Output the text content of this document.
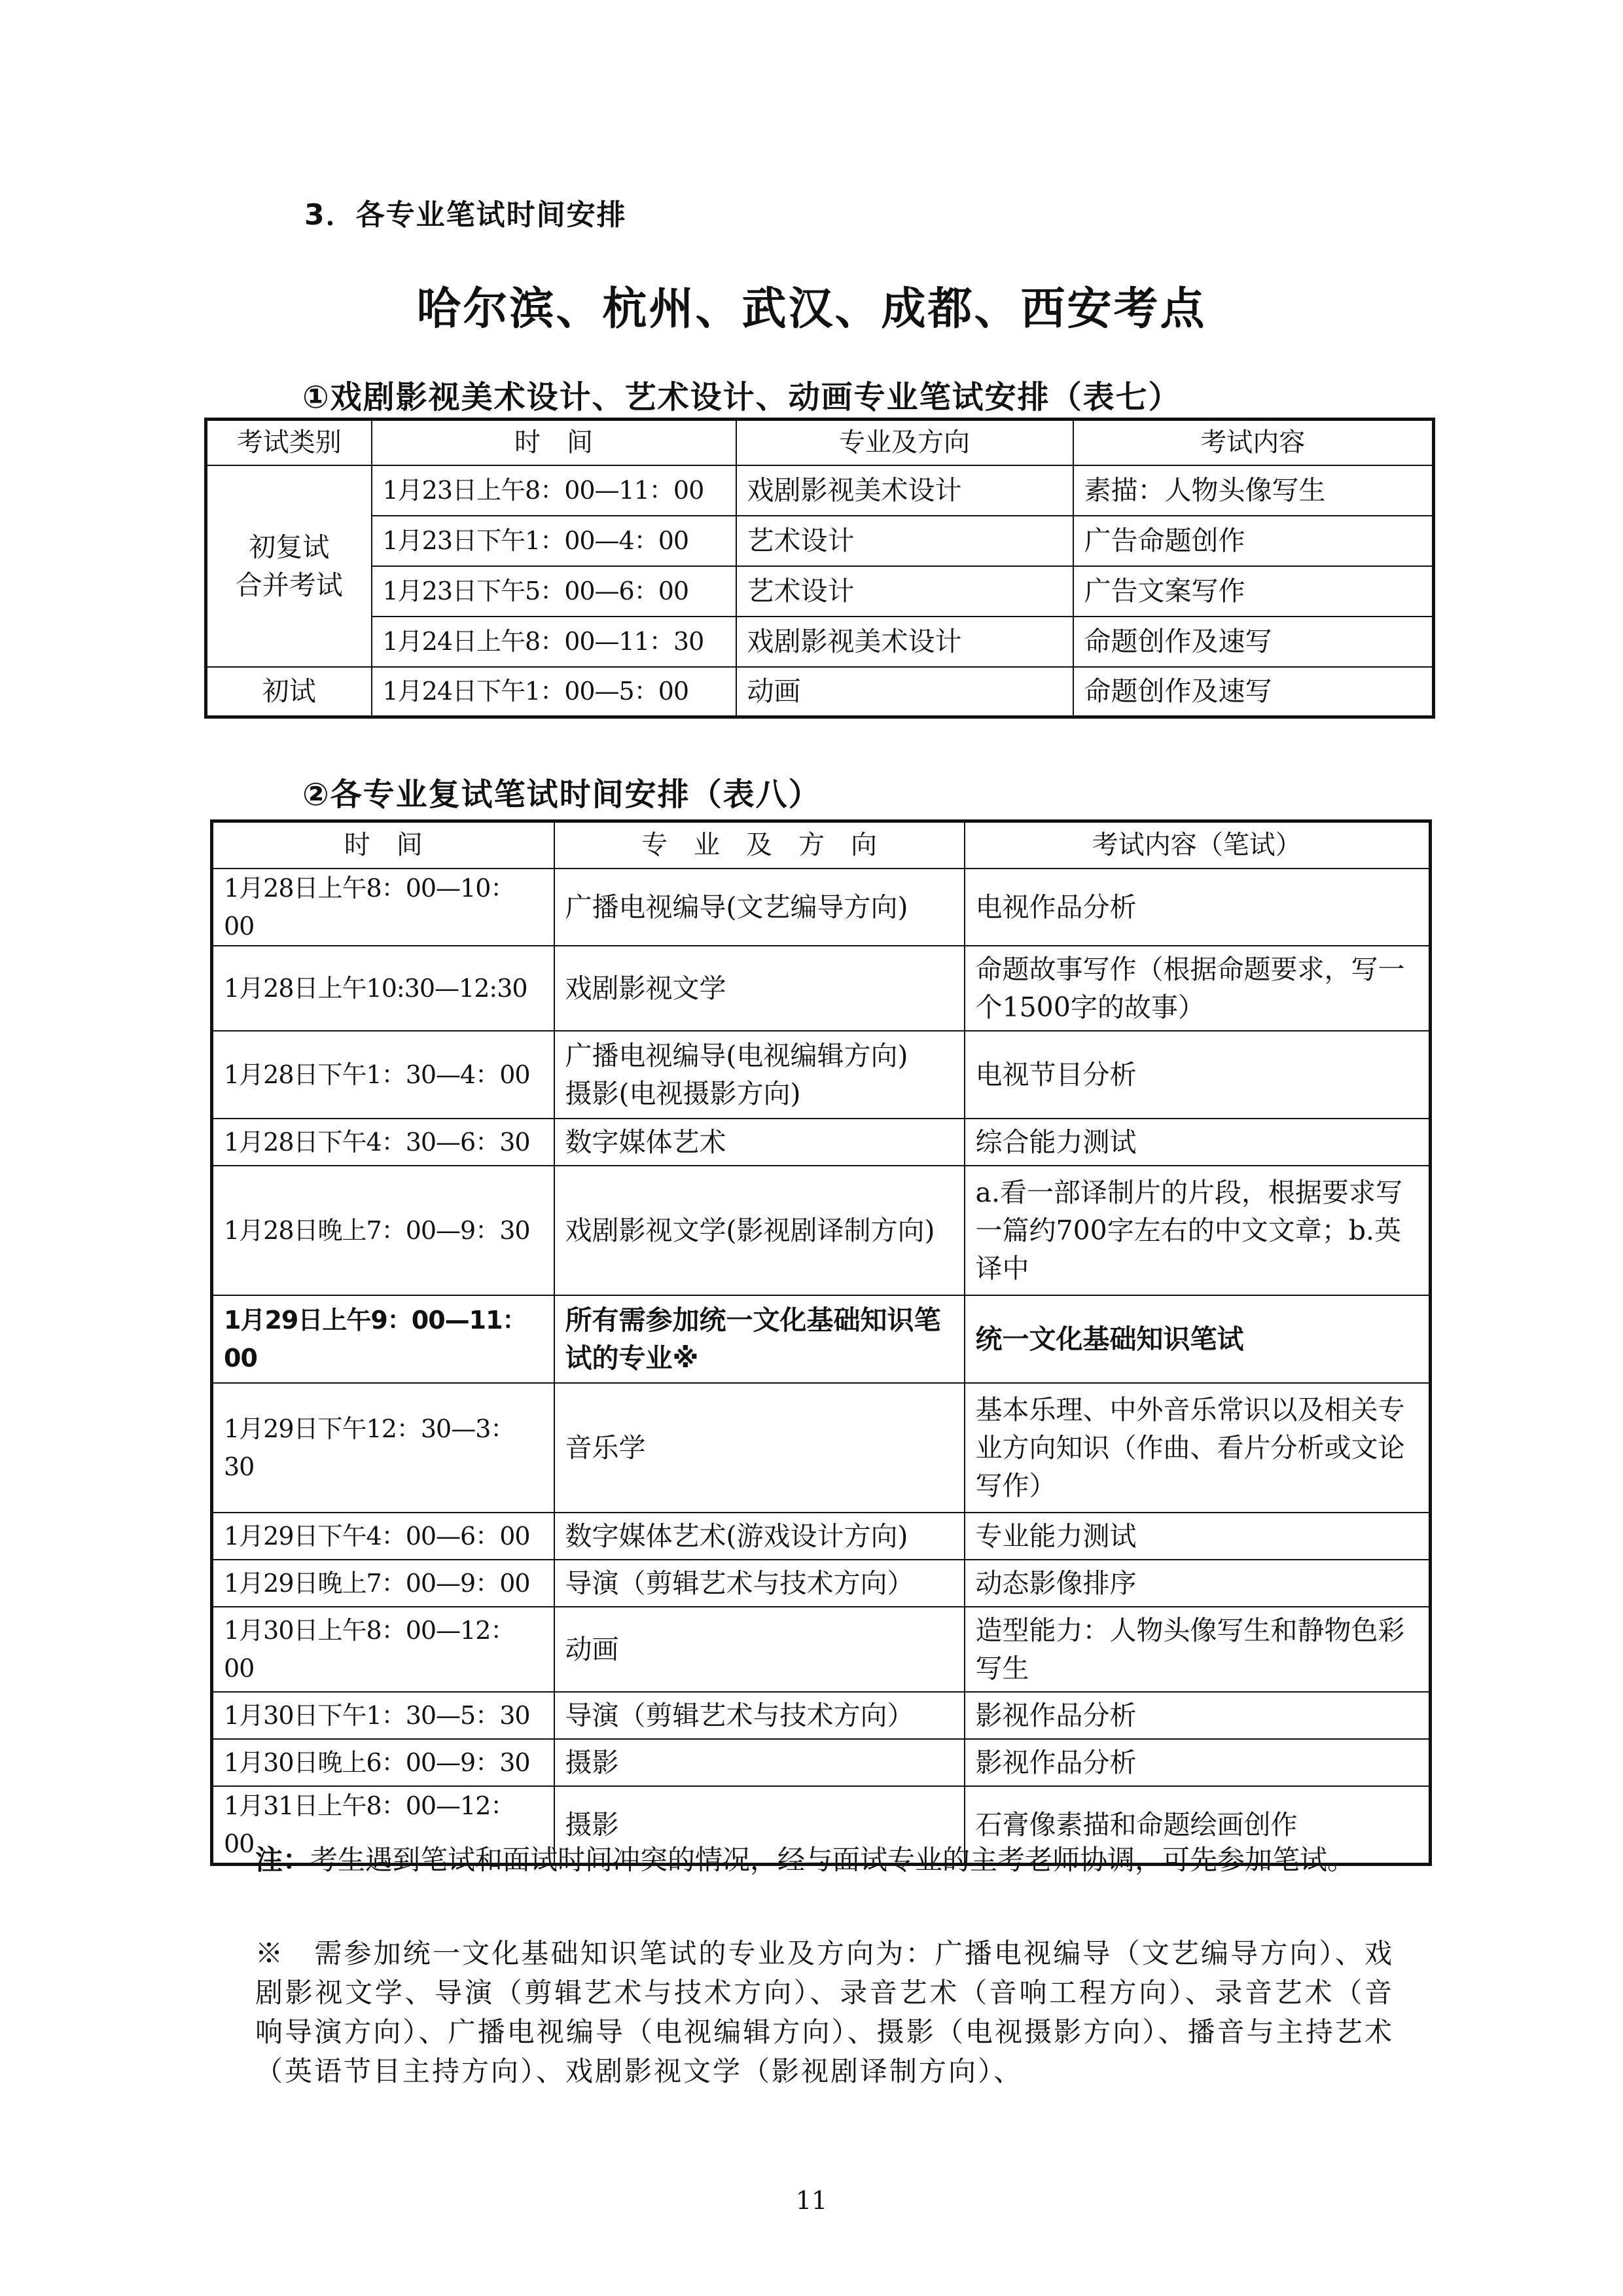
3．各专业笔试时间安排
哈尔滨、杭州、武汉、成都、西安考点
①戏剧影视美术设计、艺术设计、动画专业笔试安排（表七）
考试类别	时　间	专业及方向	考试内容

初复试
合并考试	1月23日上午8：00—11：00	戏剧影视美术设计	素描：人物头像写生
	1月23日下午1：00—4：00	艺术设计	广告命题创作
	1月23日下午5：00—6：00	艺术设计	广告文案写作
	1月24日上午8：00—11：30	戏剧影视美术设计	命题创作及速写
初试	1月24日下午1：00—5：00	动画	命题创作及速写
②各专业复试笔试时间安排（表八）
时　间	专　业　及　方　向	考试内容（笔试）
1月28日上午8：00—10：00	广播电视编导(文艺编导方向)	电视作品分析
1月28日上午10:30—12:30	戏剧影视文学	命题故事写作（根据命题要求，写一个1500字的故事）
1月28日下午1：30—4：00	广播电视编导(电视编辑方向)
摄影(电视摄影方向)	电视节目分析
1月28日下午4：30—6：30	数字媒体艺术	综合能力测试
1月28日晚上7：00—9：30	戏剧影视文学(影视剧译制方向)	a.看一部译制片的片段，根据要求写一篇约700字左右的中文文章；b.英译中
1月29日上午9：00—11：00	所有需参加统一文化基础知识笔试的专业※	统一文化基础知识笔试
1月29日下午12：30—3：30	音乐学	基本乐理、中外音乐常识以及相关专业方向知识（作曲、看片分析或文论写作）
1月29日下午4：00—6：00	数字媒体艺术(游戏设计方向)	专业能力测试
1月29日晚上7：00—9：00	导演（剪辑艺术与技术方向）	动态影像排序
1月30日上午8：00—12：00	动画	造型能力：人物头像写生和静物色彩写生
1月30日下午1：30—5：30	导演（剪辑艺术与技术方向）	影视作品分析
1月30日晚上6：00—9：30	摄影	影视作品分析
1月31日上午8：00—12：00	摄影	石膏像素描和命题绘画创作
注：考生遇到笔试和面试时间冲突的情况，经与面试专业的主考老师协调，可先参加笔试。
※　需参加统一文化基础知识笔试的专业及方向为：广播电视编导（文艺编导方向）、戏剧影视文学、导演（剪辑艺术与技术方向）、录音艺术（音响工程方向）、录音艺术（音响导演方向）、广播电视编导（电视编辑方向）、摄影（电视摄影方向）、播音与主持艺术（英语节目主持方向）、戏剧影视文学（影视剧译制方向）、
11
